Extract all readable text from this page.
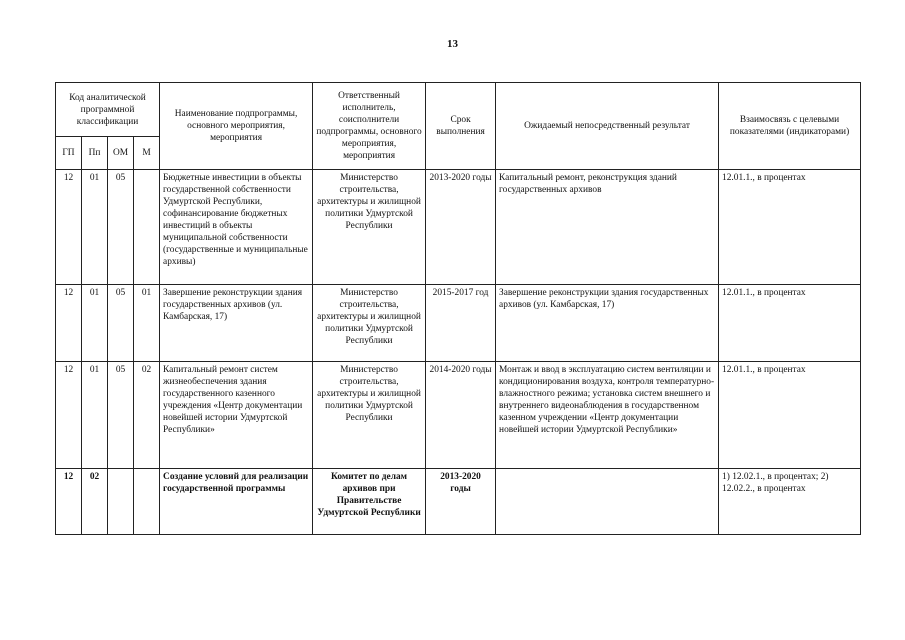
13
Код аналитической программной классификации				Наименование подпрограммы, основного мероприятия, мероприятия	Ответственный исполнитель, соисполнители подпрограммы, основного мероприятия, мероприятия	Срок выполнения	Ожидаемый непосредственный результат	Взаимосвязь с целевыми показателями (индикаторами)
ГП	Пп	ОМ	М					
12	01	05		Бюджетные инвестиции в объекты государственной собственности Удмуртской Республики, софинансирование бюджетных инвестиций в объекты муниципальной собственности (государственные и муниципальные архивы)	Министерство строительства, архитектуры и жилищной политики Удмуртской Республики	2013-2020 годы	Капитальный ремонт, реконструкция зданий государственных архивов	12.01.1., в процентах
12	01	05	01	Завершение реконструкции здания государственных архивов (ул. Камбарская, 17)	Министерство строительства, архитектуры и жилищной политики Удмуртской Республики	2015-2017 год	Завершение реконструкции здания государственных архивов (ул. Камбарская, 17)	12.01.1., в процентах
12	01	05	02	Капитальный ремонт систем жизнеобеспечения здания государственного казенного учреждения «Центр документации новейшей истории Удмуртской Республики»	Министерство строительства, архитектуры и жилищной политики Удмуртской Республики	2014-2020 годы	Монтаж и ввод в эксплуатацию систем вентиляции и кондиционирования воздуха, контроля температурно-влажностного режима; установка систем внешнего и внутреннего видеонаблюдения в государственном казенном учреждении «Центр документации новейшей истории Удмуртской Республики»	12.01.1., в процентах
12	02			Создание условий для реализации государственной программы	Комитет по делам архивов при Правительстве Удмуртской Республики	2013-2020 годы		1) 12.02.1., в процентах; 2) 12.02.2., в процентах
